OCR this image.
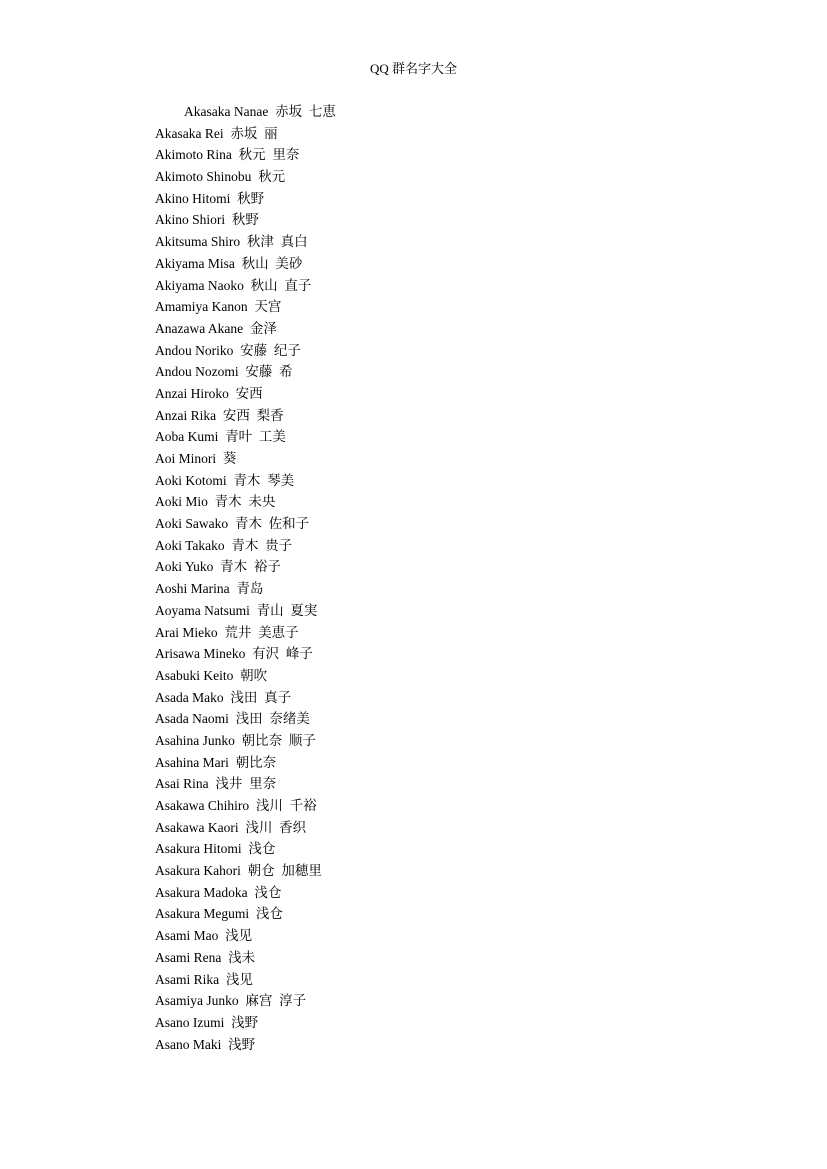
QQ 群名字大全
Akasaka Nanae  赤坂  七恵
Akasaka Rei  赤坂  丽
Akimoto Rina  秋元  里奈
Akimoto Shinobu  秋元
Akino Hitomi  秋野
Akino Shiori  秋野
Akitsuma Shiro  秋津  真白
Akiyama Misa  秋山  美砂
Akiyama Naoko  秋山  直子
Amamiya Kanon  天宫
Anazawa Akane  金泽
Andou Noriko  安藤  纪子
Andou Nozomi  安藤  希
Anzai Hiroko  安西
Anzai Rika  安西  梨香
Aoba Kumi  青叶  工美
Aoi Minori  葵
Aoki Kotomi  青木  琴美
Aoki Mio  青木  未央
Aoki Sawako  青木  佐和子
Aoki Takako  青木  贵子
Aoki Yuko  青木  裕子
Aoshi Marina  青岛
Aoyama Natsumi  青山  夏実
Arai Mieko  荒井  美恵子
Arisawa Mineko  有沢  峰子
Asabuki Keito  朝吹
Asada Mako  浅田  真子
Asada Naomi  浅田  奈绪美
Asahina Junko  朝比奈  顺子
Asahina Mari  朝比奈
Asai Rina  浅井  里奈
Asakawa Chihiro  浅川  千裕
Asakawa Kaori  浅川  香织
Asakura Hitomi  浅仓
Asakura Kahori  朝仓  加穂里
Asakura Madoka  浅仓
Asakura Megumi  浅仓
Asami Mao  浅见
Asami Rena  浅未
Asami Rika  浅见
Asamiya Junko  麻宫  淳子
Asano Izumi  浅野
Asano Maki  浅野
